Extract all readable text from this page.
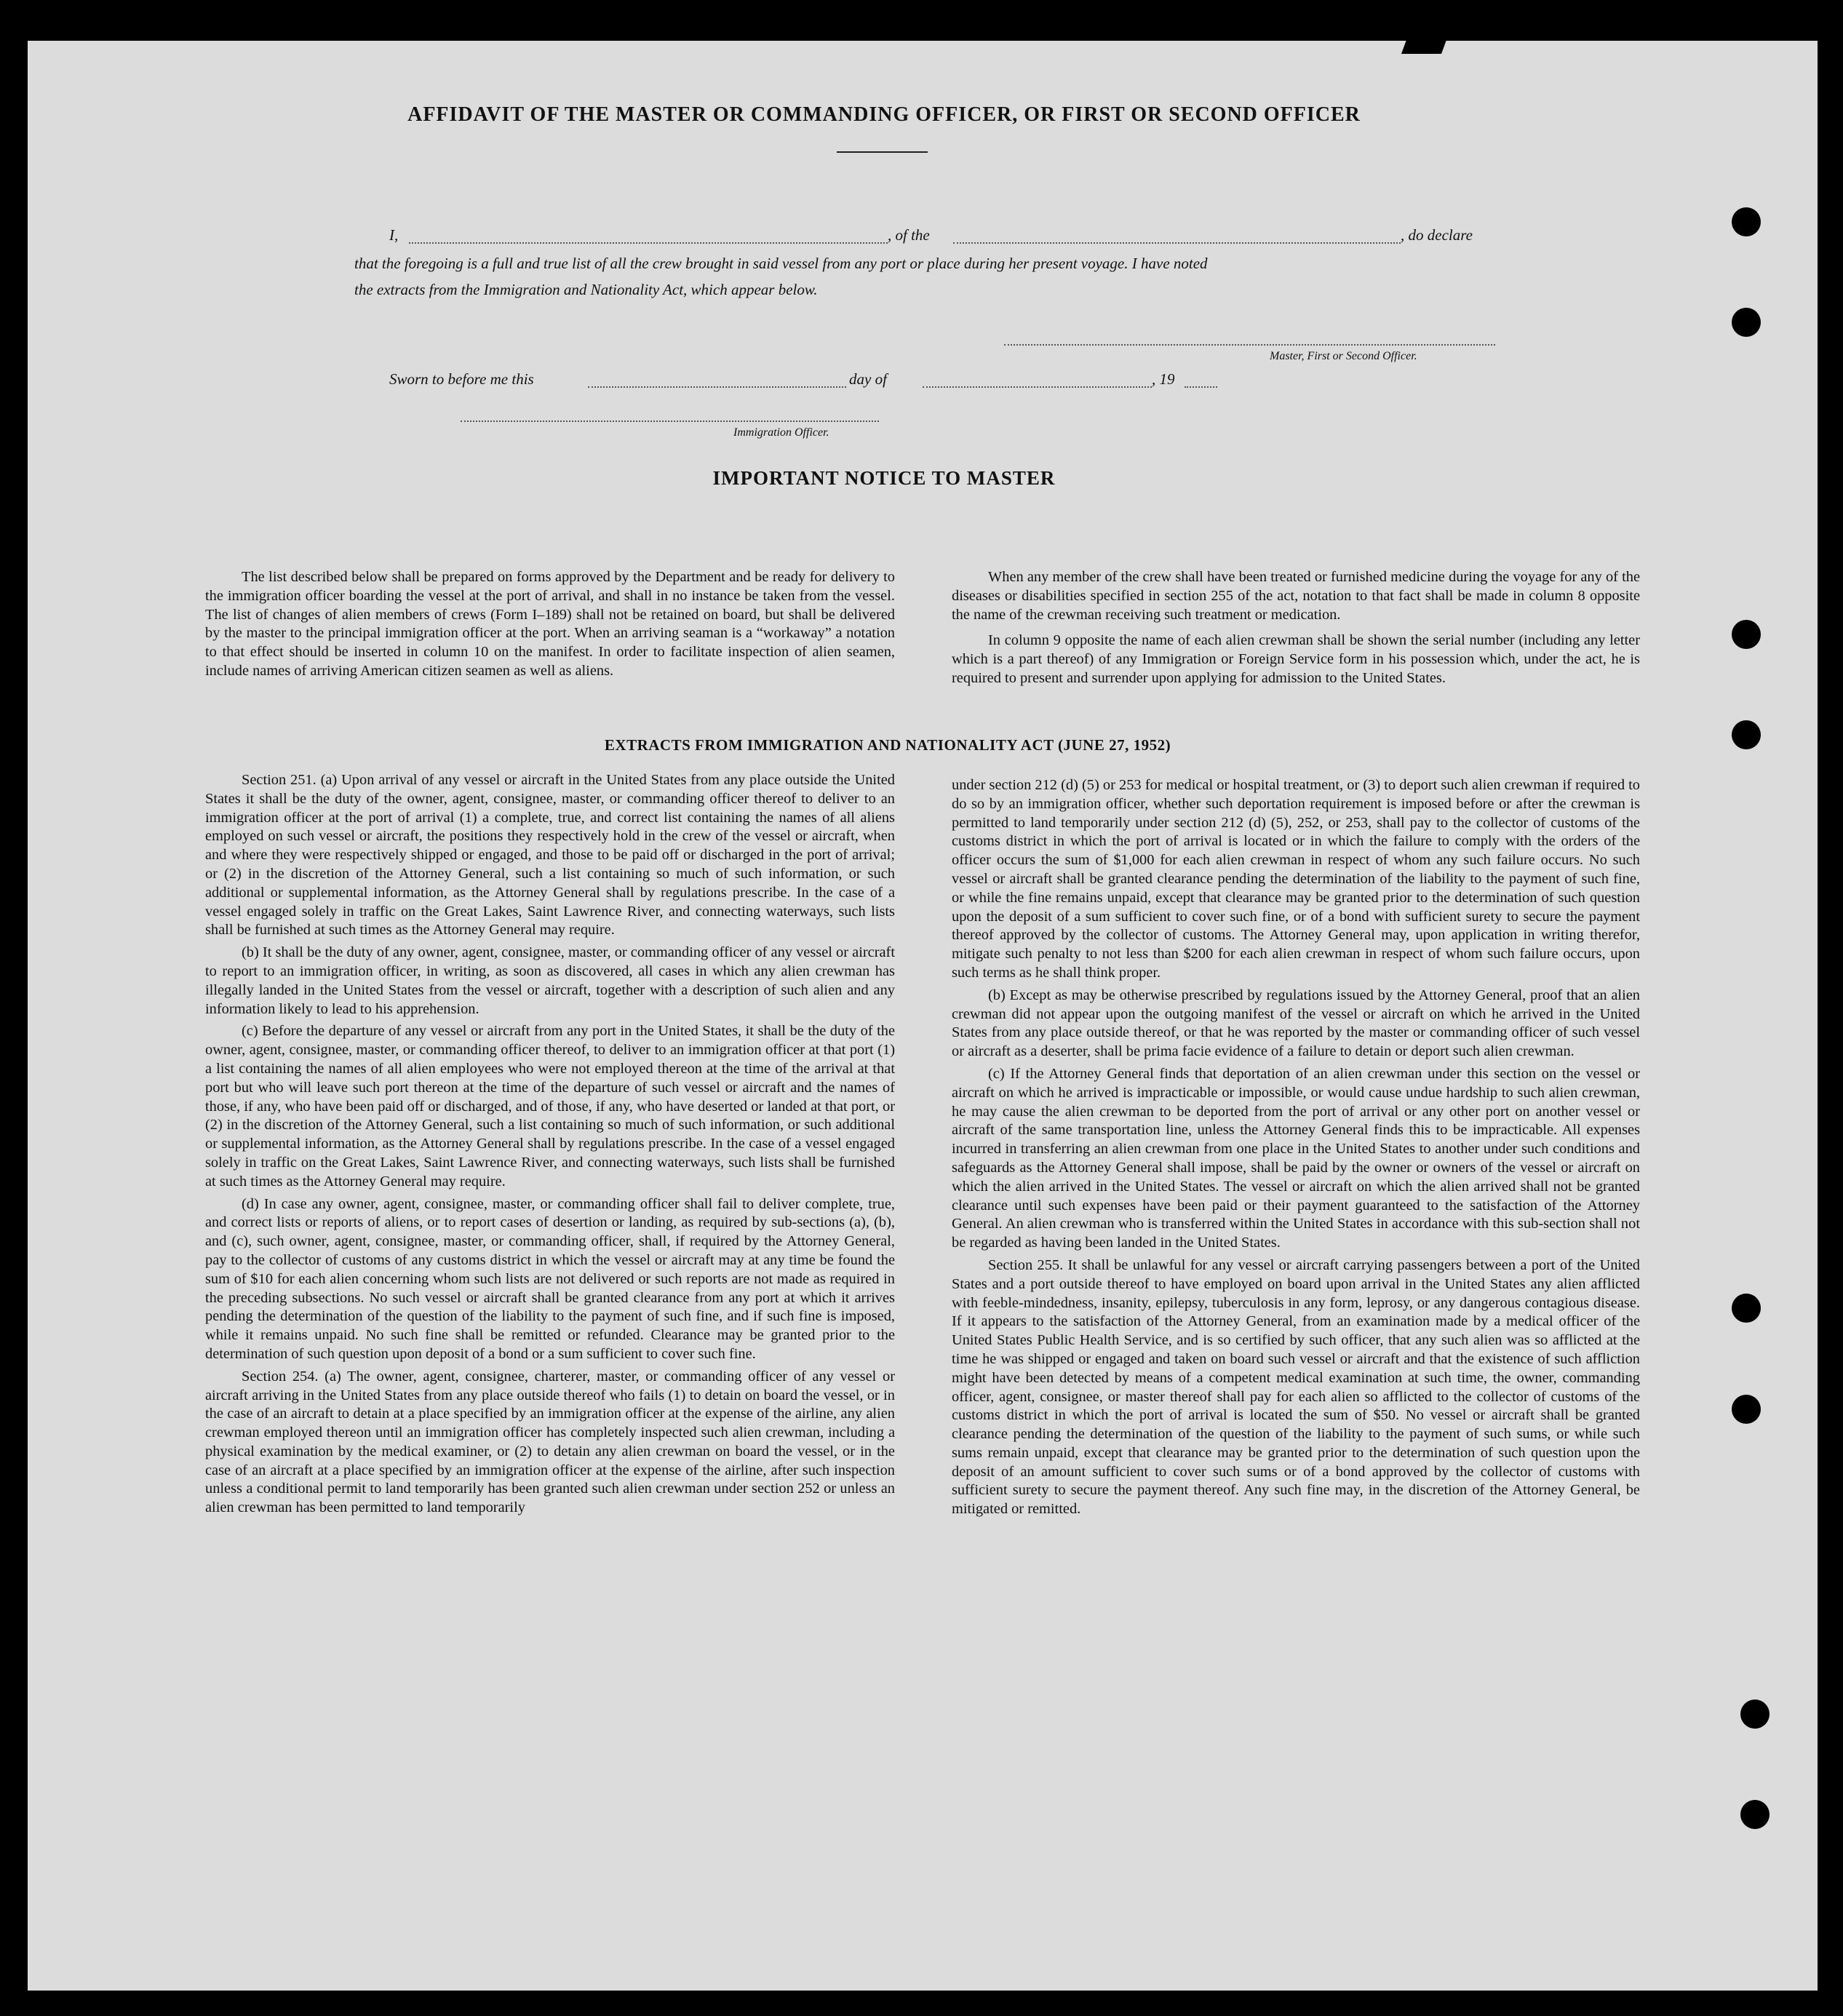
AFFIDAVIT OF THE MASTER OR COMMANDING OFFICER, OR FIRST OR SECOND OFFICER
I,	, of the	, do declare
that the foregoing is a full and true list of all the crew brought in said vessel from any port or place during her present voyage. I have noted
the extracts from the Immigration and Nationality Act, which appear below.
Master, First or Second Officer.
Sworn to before me this	day of	, 19
Immigration Officer.
IMPORTANT NOTICE TO MASTER

The list described below shall be prepared on forms approved by the Department and be ready for delivery to the immigration officer boarding the vessel at the port of arrival, and shall in no instance be taken from the vessel. The list of changes of alien members of crews (Form I–189) shall not be retained on board, but shall be delivered by the master to the principal immigration officer at the port. When an arriving seaman is a “workaway” a notation to that effect should be inserted in column 10 on the manifest. In order to facilitate inspection of alien seamen, include names of arriving American citizen seamen as well as aliens.

When any member of the crew shall have been treated or furnished medicine during the voyage for any of the diseases or disabilities specified in section 255 of the act, notation to that fact shall be made in column 8 opposite the name of the crewman receiving such treatment or medication.

In column 9 opposite the name of each alien crewman shall be shown the serial number (including any letter which is a part thereof) of any Immigration or Foreign Service form in his possession which, under the act, he is required to present and surrender upon applying for admission to the United States.

EXTRACTS FROM IMMIGRATION AND NATIONALITY ACT (JUNE 27, 1952)

Section 251. (a) Upon arrival of any vessel or aircraft in the United States from any place outside the United States it shall be the duty of the owner, agent, consignee, master, or commanding officer thereof to deliver to an immigration officer at the port of arrival (1) a complete, true, and correct list containing the names of all aliens employed on such vessel or aircraft, the positions they respectively hold in the crew of the vessel or aircraft, when and where they were respectively shipped or engaged, and those to be paid off or discharged in the port of arrival; or (2) in the discretion of the Attorney General, such a list containing so much of such information, or such additional or supplemental information, as the Attorney General shall by regulations prescribe. In the case of a vessel engaged solely in traffic on the Great Lakes, Saint Lawrence River, and connecting waterways, such lists shall be furnished at such times as the Attorney General may require.

(b) It shall be the duty of any owner, agent, consignee, master, or commanding officer of any vessel or aircraft to report to an immigration officer, in writing, as soon as discovered, all cases in which any alien crewman has illegally landed in the United States from the vessel or aircraft, together with a description of such alien and any information likely to lead to his apprehension.

(c) Before the departure of any vessel or aircraft from any port in the United States, it shall be the duty of the owner, agent, consignee, master, or commanding officer thereof, to deliver to an immigration officer at that port (1) a list containing the names of all alien employees who were not employed thereon at the time of the arrival at that port but who will leave such port thereon at the time of the departure of such vessel or aircraft and the names of those, if any, who have been paid off or discharged, and of those, if any, who have deserted or landed at that port, or (2) in the discretion of the Attorney General, such a list containing so much of such information, or such additional or supplemental information, as the Attorney General shall by regulations prescribe. In the case of a vessel engaged solely in traffic on the Great Lakes, Saint Lawrence River, and connecting waterways, such lists shall be furnished at such times as the Attorney General may require.

(d) In case any owner, agent, consignee, master, or commanding officer shall fail to deliver complete, true, and correct lists or reports of aliens, or to report cases of desertion or landing, as required by sub-sections (a), (b), and (c), such owner, agent, consignee, master, or commanding officer, shall, if required by the Attorney General, pay to the collector of customs of any customs district in which the vessel or aircraft may at any time be found the sum of $10 for each alien concerning whom such lists are not delivered or such reports are not made as required in the preceding subsections. No such vessel or aircraft shall be granted clearance from any port at which it arrives pending the determination of the question of the liability to the payment of such fine, and if such fine is imposed, while it remains unpaid. No such fine shall be remitted or refunded. Clearance may be granted prior to the determination of such question upon deposit of a bond or a sum sufficient to cover such fine.

Section 254. (a) The owner, agent, consignee, charterer, master, or commanding officer of any vessel or aircraft arriving in the United States from any place outside thereof who fails (1) to detain on board the vessel, or in the case of an aircraft to detain at a place specified by an immigration officer at the expense of the airline, any alien crewman employed thereon until an immigration officer has completely inspected such alien crewman, including a physical examination by the medical examiner, or (2) to detain any alien crewman on board the vessel, or in the case of an aircraft at a place specified by an immigration officer at the expense of the airline, after such inspection unless a conditional permit to land temporarily has been granted such alien crewman under section 252 or unless an alien crewman has been permitted to land temporarily

under section 212 (d) (5) or 253 for medical or hospital treatment, or (3) to deport such alien crewman if required to do so by an immigration officer, whether such deportation requirement is imposed before or after the crewman is permitted to land temporarily under section 212 (d) (5), 252, or 253, shall pay to the collector of customs of the customs district in which the port of arrival is located or in which the failure to comply with the orders of the officer occurs the sum of $1,000 for each alien crewman in respect of whom any such failure occurs. No such vessel or aircraft shall be granted clearance pending the determination of the liability to the payment of such fine, or while the fine remains unpaid, except that clearance may be granted prior to the determination of such question upon the deposit of a sum sufficient to cover such fine, or of a bond with sufficient surety to secure the payment thereof approved by the collector of customs. The Attorney General may, upon application in writing therefor, mitigate such penalty to not less than $200 for each alien crewman in respect of whom such failure occurs, upon such terms as he shall think proper.

(b) Except as may be otherwise prescribed by regulations issued by the Attorney General, proof that an alien crewman did not appear upon the outgoing manifest of the vessel or aircraft on which he arrived in the United States from any place outside thereof, or that he was reported by the master or commanding officer of such vessel or aircraft as a deserter, shall be prima facie evidence of a failure to detain or deport such alien crewman.

(c) If the Attorney General finds that deportation of an alien crewman under this section on the vessel or aircraft on which he arrived is impracticable or impossible, or would cause undue hardship to such alien crewman, he may cause the alien crewman to be deported from the port of arrival or any other port on another vessel or aircraft of the same transportation line, unless the Attorney General finds this to be impracticable. All expenses incurred in transferring an alien crewman from one place in the United States to another under such conditions and safeguards as the Attorney General shall impose, shall be paid by the owner or owners of the vessel or aircraft on which the alien arrived in the United States. The vessel or aircraft on which the alien arrived shall not be granted clearance until such expenses have been paid or their payment guaranteed to the satisfaction of the Attorney General. An alien crewman who is transferred within the United States in accordance with this sub-section shall not be regarded as having been landed in the United States.

Section 255. It shall be unlawful for any vessel or aircraft carrying passengers between a port of the United States and a port outside thereof to have employed on board upon arrival in the United States any alien afflicted with feeble-mindedness, insanity, epilepsy, tuberculosis in any form, leprosy, or any dangerous contagious disease. If it appears to the satisfaction of the Attorney General, from an examination made by a medical officer of the United States Public Health Service, and is so certified by such officer, that any such alien was so afflicted at the time he was shipped or engaged and taken on board such vessel or aircraft and that the existence of such affliction might have been detected by means of a competent medical examination at such time, the owner, commanding officer, agent, consignee, or master thereof shall pay for each alien so afflicted to the collector of customs of the customs district in which the port of arrival is located the sum of $50. No vessel or aircraft shall be granted clearance pending the determination of the question of the liability to the payment of such sums, or while such sums remain unpaid, except that clearance may be granted prior to the determination of such question upon the deposit of an amount sufficient to cover such sums or of a bond approved by the collector of customs with sufficient surety to secure the payment thereof. Any such fine may, in the discretion of the Attorney General, be mitigated or remitted.
